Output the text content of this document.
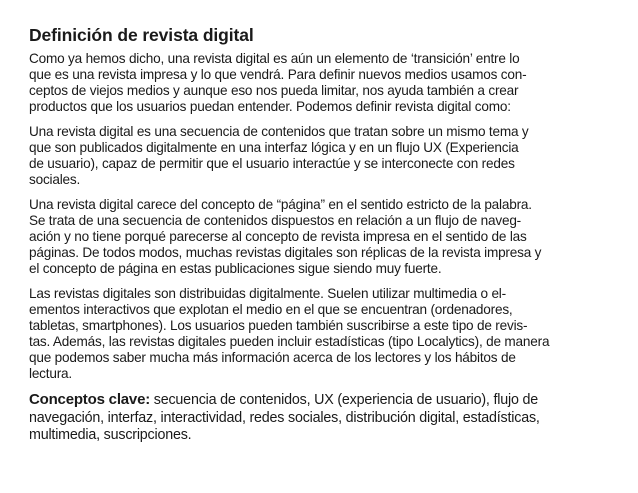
Definición de revista digital
Como ya hemos dicho, una revista digital es aún un elemento de ‘transición’ entre lo
que es una revista impresa y lo que vendrá. Para definir nuevos medios usamos con-
ceptos de viejos medios y aunque eso nos pueda limitar, nos ayuda también a crear
productos que los usuarios puedan entender. Podemos definir revista digital como:
Una revista digital es una secuencia de contenidos que tratan sobre un mismo tema y
que son publicados digitalmente en una interfaz lógica y en un flujo UX (Experiencia
de usuario), capaz de permitir que el usuario interactúe y se interconecte con redes
sociales.
Una revista digital carece del concepto de “página” en el sentido estricto de la palabra.
Se trata de una secuencia de contenidos dispuestos en relación a un flujo de naveg-
ación y no tiene porqué parecerse al concepto de revista impresa en el sentido de las
páginas. De todos modos, muchas revistas digitales son réplicas de la revista impresa y
el concepto de página en estas publicaciones sigue siendo muy fuerte.
Las revistas digitales son distribuidas digitalmente. Suelen utilizar multimedia o el-
ementos interactivos que explotan el medio en el que se encuentran (ordenadores,
tabletas, smartphones). Los usuarios pueden también suscribirse a este tipo de revis-
tas. Además, las revistas digitales pueden incluir estadísticas (tipo Localytics), de manera
que podemos saber mucha más información acerca de los lectores y los hábitos de
lectura.
Conceptos clave: secuencia de contenidos, UX (experiencia de usuario), flujo de
navegación, interfaz, interactividad, redes sociales, distribución digital, estadísticas,
multimedia, suscripciones.
